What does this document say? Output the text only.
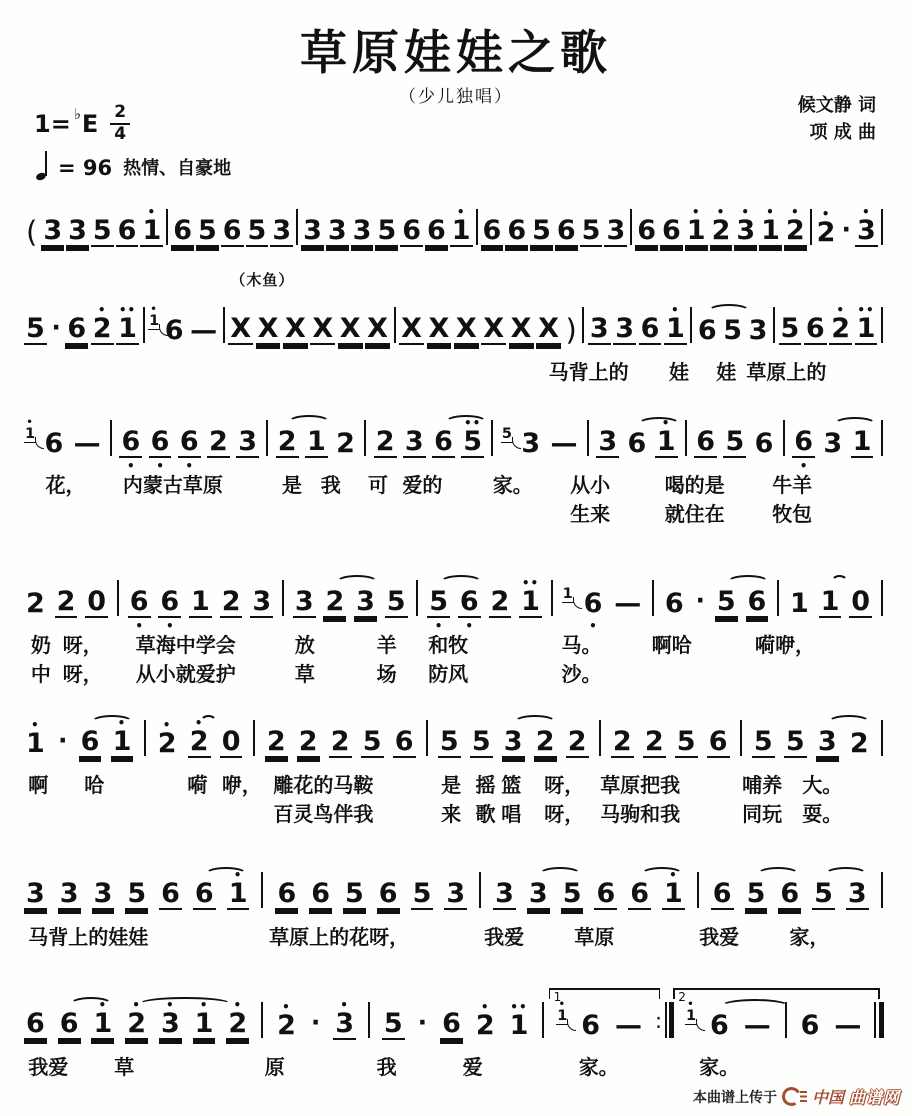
草原娃娃之歌
（少儿独唱）	候文静 词
项 成 曲
1= ♭ E $\frac{2}{4}$
= 96 热情、自豪地
( 3 3 5 6
•
1 6 5 6 5 3 3 3 3 5 6 6
•
1 6 6 5 6 5 3 6 6
•
1
•
2
•
3
•
1
•
2
•
2 ·
•
3
（木鱼）
5 · 6
•
2
••
1
•
1 6 — X X X X X X X X X X X X ) 3 3 6
•
1 6 5 3 5 6
•
2
••
1
马背上的 娃 娃 草原上的
•
1 6 — 6
•
6
•
6
•
2 3 2 1 2 2 3 6
••
5 5 3 — 3 6
•
1 6 5 6 6
•
3 1
花， 内蒙古草原	是 我 可 爱的	家。 从小	喝的是 牛羊
生来	就住在 牧包
2 2 0 6
•
6
•
1 2 3 3 2 3 5 5
•
6
•
2
••
1 1 6
•
— 6 · 5 6 1 1 0
奶 呀， 草海中学会	放	羊 和牧	马。	啊哈	嗬咿，
中 呀， 从小就爱护	草	场 防风	沙。
•
1 · 6
•
1
•
2
•
2 0 2 2 2 5 6 5 5 3 2 2 2 2 5 6 5 5 3 2
啊 哈	嗬 咿， 雕花的马鞍	是 摇 篮 呀， 草原把我	哺养 大。
百灵鸟伴我	来 歌 唱 呀， 马驹和我	同玩 耍。
3 3 3 5 6 6
•
1 6 6 5 6 5 3 3 3 5 6 6
•
1 6 5 6 5 3
马背上的娃娃	草原上的花呀，	我爱	草原	我爱	家，
1	2
6 6
•
1
•
2
•
3
•
1
•
2
•
2 ·
•
3 5 · 6
•
2
••
1
•
1 6 — :
•
1 6 — 6 —
我爱 草	原	我	爱	家。	家。
本曲谱上传于 中国 曲谱网
